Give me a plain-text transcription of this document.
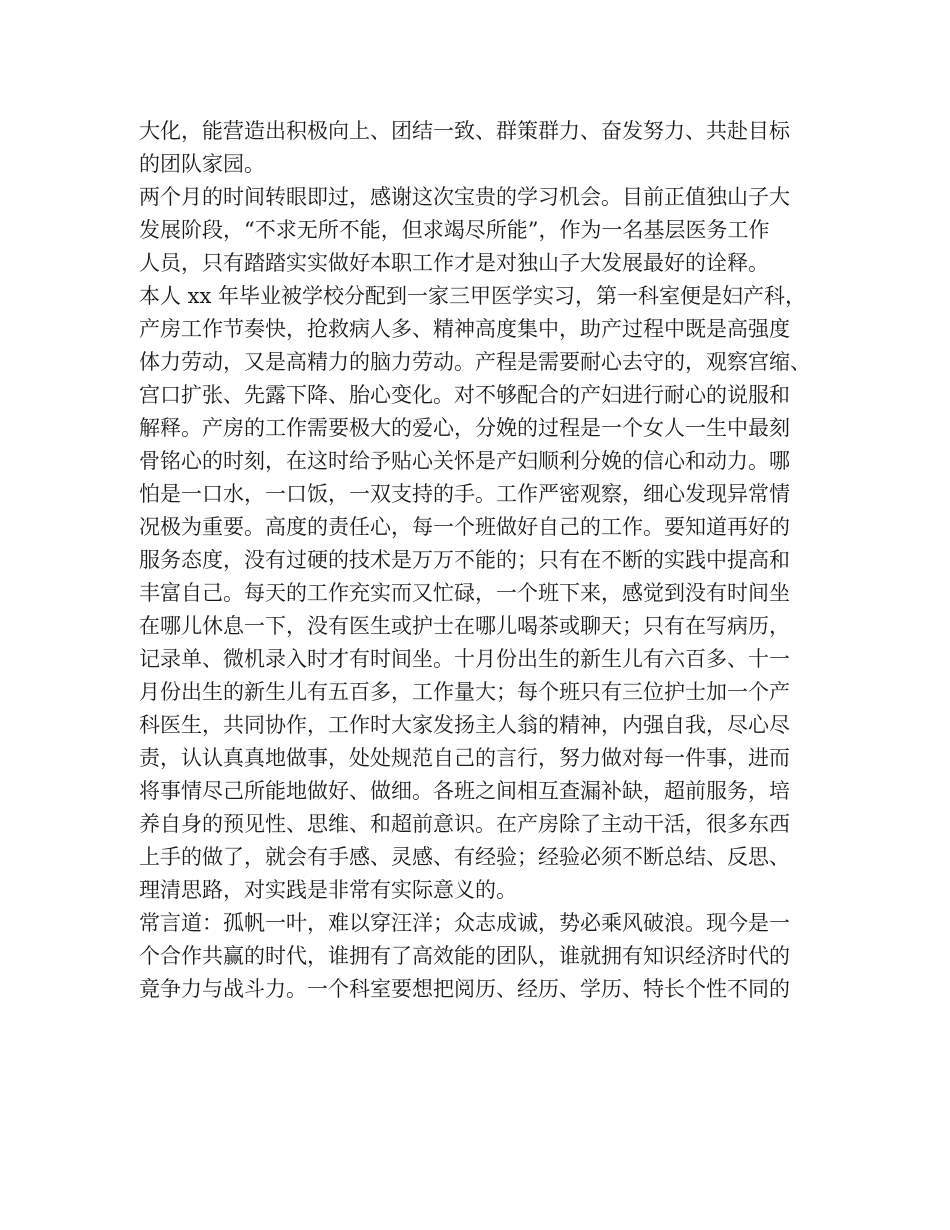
大化，能营造出积极向上、团结一致、群策群力、奋发努力、共赴目标
的团队家园。
两个月的时间转眼即过，感谢这次宝贵的学习机会。目前正值独山子大
发展阶段，“不求无所不能，但求竭尽所能”，作为一名基层医务工作
人员，只有踏踏实实做好本职工作才是对独山子大发展最好的诠释。
本人 xx 年毕业被学校分配到一家三甲医学实习，第一科室便是妇产科，
产房工作节奏快，抢救病人多、精神高度集中，助产过程中既是高强度
体力劳动，又是高精力的脑力劳动。产程是需要耐心去守的，观察宫缩、
宫口扩张、先露下降、胎心变化。对不够配合的产妇进行耐心的说服和
解释。产房的工作需要极大的爱心，分娩的过程是一个女人一生中最刻
骨铭心的时刻，在这时给予贴心关怀是产妇顺利分娩的信心和动力。哪
怕是一口水，一口饭，一双支持的手。工作严密观察，细心发现异常情
况极为重要。高度的责任心，每一个班做好自己的工作。要知道再好的
服务态度，没有过硬的技术是万万不能的；只有在不断的实践中提高和
丰富自己。每天的工作充实而又忙碌，一个班下来，感觉到没有时间坐
在哪儿休息一下，没有医生或护士在哪儿喝茶或聊天；只有在写病历，
记录单、微机录入时才有时间坐。十月份出生的新生儿有六百多、十一
月份出生的新生儿有五百多，工作量大；每个班只有三位护士加一个产
科医生，共同协作，工作时大家发扬主人翁的精神，内强自我，尽心尽
责，认认真真地做事，处处规范自己的言行，努力做对每一件事，进而
将事情尽己所能地做好、做细。各班之间相互查漏补缺，超前服务，培
养自身的预见性、思维、和超前意识。在产房除了主动干活，很多东西
上手的做了，就会有手感、灵感、有经验；经验必须不断总结、反思、
理清思路，对实践是非常有实际意义的。
常言道：孤帆一叶，难以穿汪洋；众志成诚，势必乘风破浪。现今是一
个合作共赢的时代，谁拥有了高效能的团队，谁就拥有知识经济时代的
竟争力与战斗力。一个科室要想把阅历、经历、学历、特长个性不同的
